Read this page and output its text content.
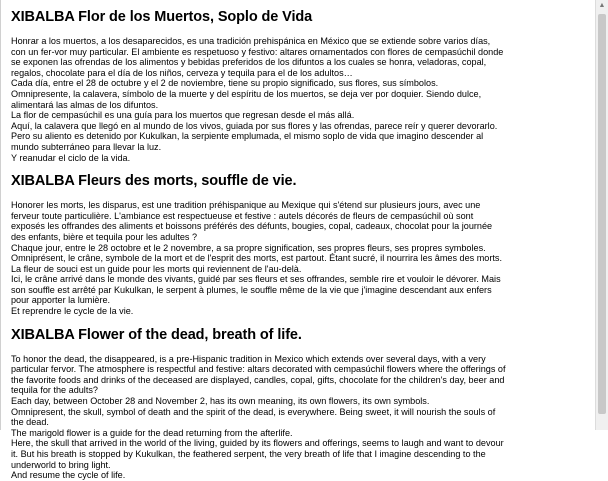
XIBALBA Flor de los Muertos, Soplo de Vida

Honrar a los muertos, a los desaparecidos, es una tradición prehispánica en México que se extiende sobre varios días, con un fer-vor muy particular. El ambiente es respetuoso y festivo: altares ornamentados con flores de cempasúchil donde se exponen las ofrendas de los alimentos y bebidas preferidos de los difuntos a los cuales se honra, veladoras, copal, regalos, chocolate para el día de los niños, cerveza y tequila para el de los adultos…

Cada día, entre el 28 de octubre y el 2 de noviembre, tiene su propio significado, sus flores, sus símbolos.

Omnipresente, la calavera, símbolo de la muerte y del espíritu de los muertos, se deja ver por doquier. Siendo dulce, alimentará las almas de los difuntos.

La flor de cempasúchil es una guía para los muertos que regresan desde el más allá.

Aquí, la calavera que llegó en al mundo de los vivos, guiada por sus flores y las ofrendas, parece reír y querer devorarlo. Pero su aliento es detenido por Kukulkan, la serpiente emplumada, el mismo soplo de vida que imagino descender al mundo subterráneo para llevar la luz.

Y reanudar el ciclo de la vida.

XIBALBA Fleurs des morts, souffle de vie.

Honorer les morts, les disparus, est une tradition préhispanique au Mexique qui s'étend sur plusieurs jours, avec une ferveur toute particulière. L'ambiance est respectueuse et festive : autels décorés de fleurs de cempasúchil où sont exposés les offrandes des aliments et boissons préférés des défunts, bougies, copal, cadeaux, chocolat pour la journée des enfants, bière et tequila pour les adultes ?

Chaque jour, entre le 28 octobre et le 2 novembre, a sa propre signification, ses propres fleurs, ses propres symboles.

Omniprésent, le crâne, symbole de la mort et de l'esprit des morts, est partout. Étant sucré, il nourrira les âmes des morts.

La fleur de souci est un guide pour les morts qui reviennent de l'au-delà.

Ici, le crâne arrivé dans le monde des vivants, guidé par ses fleurs et ses offrandes, semble rire et vouloir le dévorer. Mais son souffle est arrêté par Kukulkan, le serpent à plumes, le souffle même de la vie que j'imagine descendant aux enfers pour apporter la lumière.

Et reprendre le cycle de la vie.

XIBALBA Flower of the dead, breath of life.

To honor the dead, the disappeared, is a pre-Hispanic tradition in Mexico which extends over several days, with a very particular fervor. The atmosphere is respectful and festive: altars decorated with cempasúchil flowers where the offerings of the favorite foods and drinks of the deceased are displayed, candles, copal, gifts, chocolate for the children's day, beer and tequila for the adults?

Each day, between October 28 and November 2, has its own meaning, its own flowers, its own symbols.

Omnipresent, the skull, symbol of death and the spirit of the dead, is everywhere. Being sweet, it will nourish the souls of the dead.

The marigold flower is a guide for the dead returning from the afterlife.

Here, the skull that arrived in the world of the living, guided by its flowers and offerings, seems to laugh and want to devour it. But his breath is stopped by Kukulkan, the feathered serpent, the very breath of life that I imagine descending to the underworld to bring light.

And resume the cycle of life.

▲
